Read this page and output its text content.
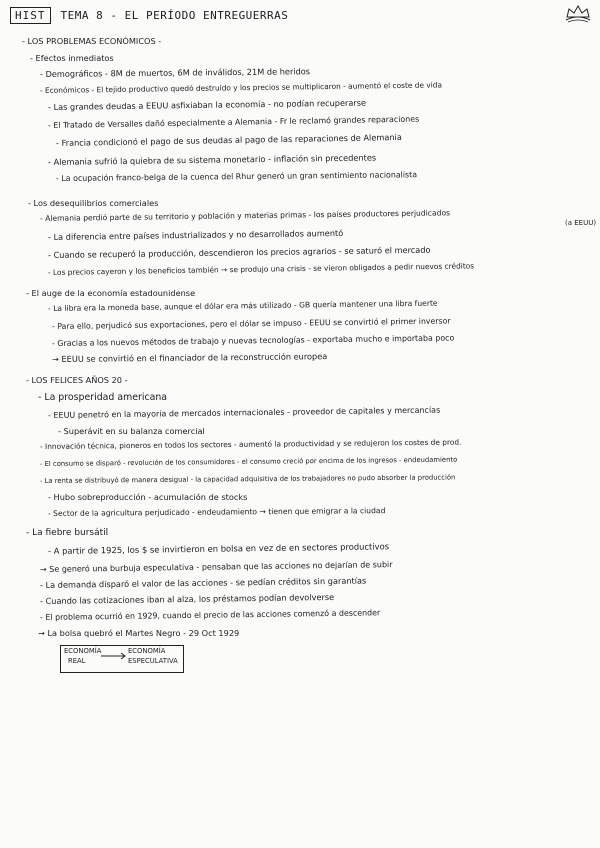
HIST	TEMA 8 - EL PERÍODO ENTREGUERRAS
- LOS PROBLEMAS ECONÓMICOS -
- Efectos inmediatos
- Demográficos - 8M de muertos, 6M de inválidos, 21M de heridos
- Económicos - El tejido productivo quedó destruido y los precios se multiplicaron - aumentó el coste de vida
- Las grandes deudas a EEUU asfixiaban la economía - no podían recuperarse
- El Tratado de Versalles dañó especialmente a Alemania - Fr le reclamó grandes reparaciones
- Francia condicionó el pago de sus deudas al pago de las reparaciones de Alemania
- Alemania sufrió la quiebra de su sistema monetario - inflación sin precedentes
- La ocupación franco-belga de la cuenca del Rhur generó un gran sentimiento nacionalista
- Los desequilibrios comerciales
- Alemania perdió parte de su territorio y población y materias primas - los países productores perjudicados
- La diferencia entre países industrializados y no desarrollados aumentó
- Cuando se recuperó la producción, descendieron los precios agrarios - se saturó el mercado
- Los precios cayeron y los beneficios también → se produjo una crisis - se vieron obligados a pedir nuevos créditos
(a EEUU)
- El auge de la economía estadounidense
- La libra era la moneda base, aunque el dólar era más utilizado - GB quería mantener una libra fuerte
- Para ello, perjudicó sus exportaciones, pero el dólar se impuso - EEUU se convirtió el primer inversor
- Gracias a los nuevos métodos de trabajo y nuevas tecnologías - exportaba mucho e importaba poco
→ EEUU se convirtió en el financiador de la reconstrucción europea
- LOS FELICES AÑOS 20 -
- La prosperidad americana
- EEUU penetró en la mayoría de mercados internacionales - proveedor de capitales y mercancías
- Superávit en su balanza comercial
- Innovación técnica, pioneros en todos los sectores - aumentó la productividad y se redujeron los costes de prod.
- El consumo se disparó - revolución de los consumidores - el consumo creció por encima de los ingresos - endeudamiento
- La renta se distribuyó de manera desigual - la capacidad adquisitiva de los trabajadores no pudo absorber la producción
- Hubo sobreproducción - acumulación de stocks
- Sector de la agricultura perjudicado - endeudamiento → tienen que emigrar a la ciudad
- La fiebre bursátil
- A partir de 1925, los $ se invirtieron en bolsa en vez de en sectores productivos
→ Se generó una burbuja especulativa - pensaban que las acciones no dejarían de subir
- La demanda disparó el valor de las acciones - se pedían créditos sin garantías
- Cuando las cotizaciones iban al alza, los préstamos podían devolverse
- El problema ocurrió en 1929, cuando el precio de las acciones comenzó a descender
→ La bolsa quebró el Martes Negro - 29 Oct 1929
ECONOMÍA
REAL
ECONOMÍA
ESPECULATIVA
